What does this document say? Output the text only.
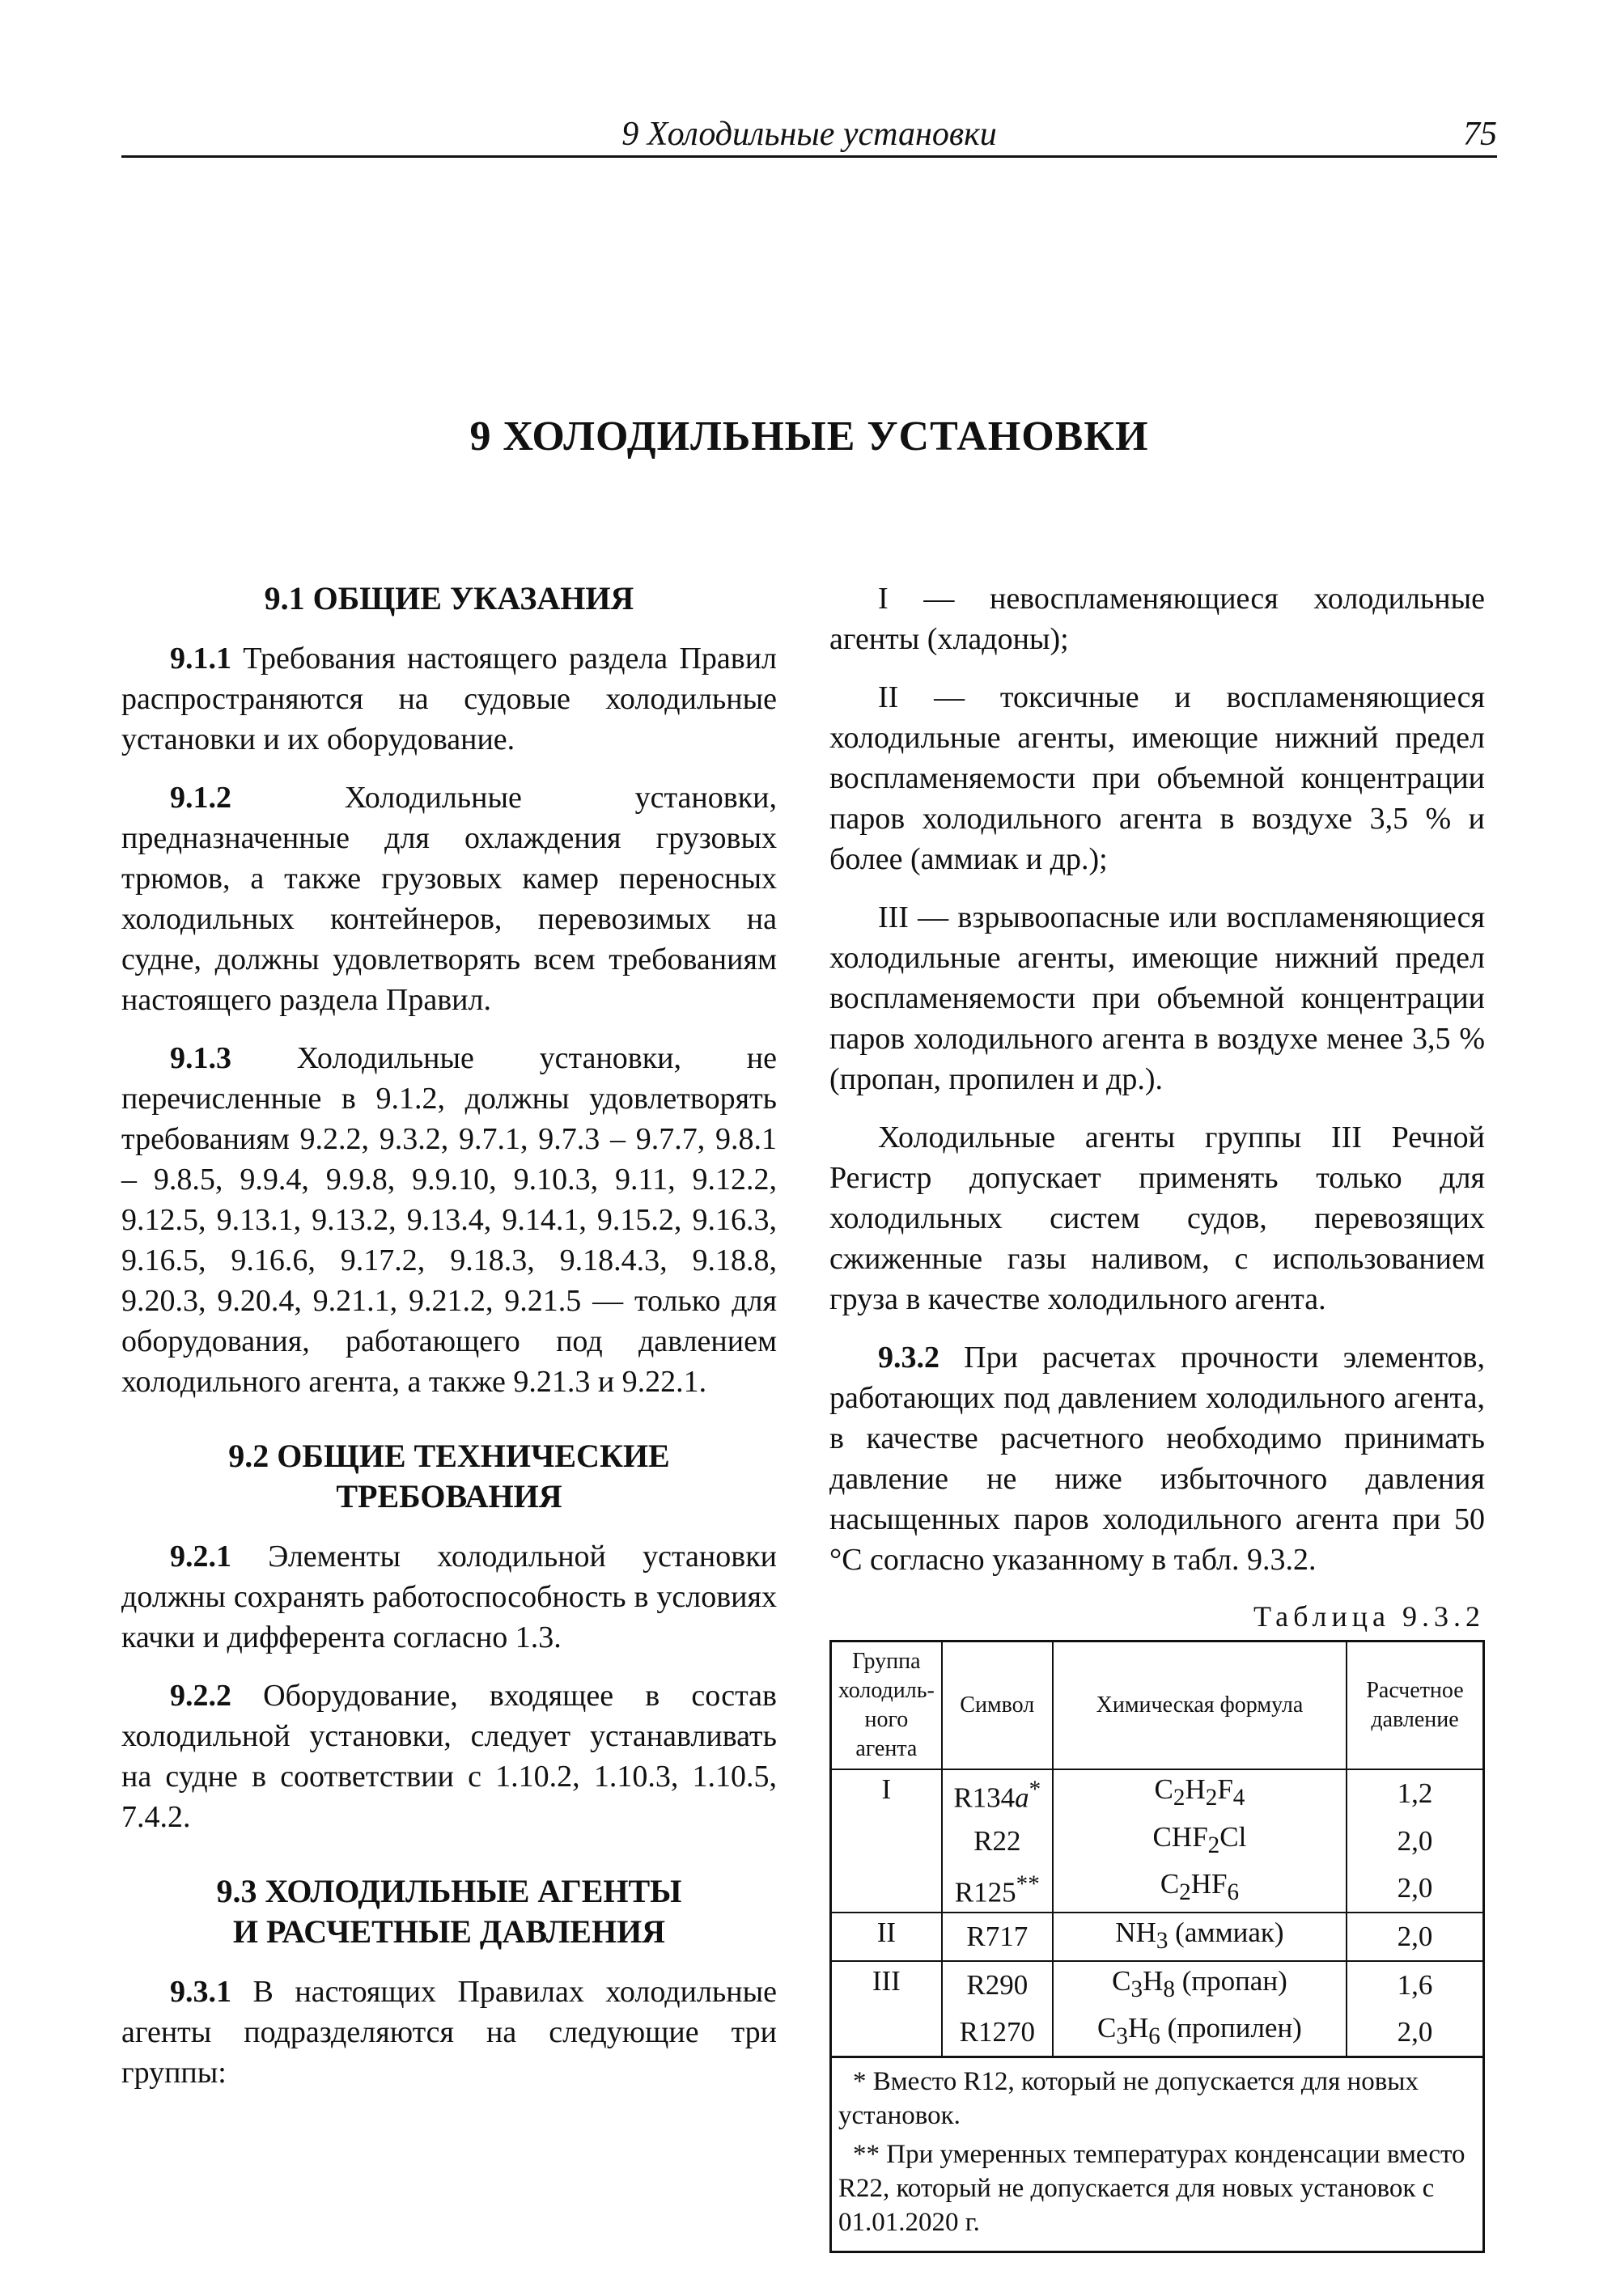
9 Холодильные установки	75
9 ХОЛОДИЛЬНЫЕ УСТАНОВКИ
9.1 ОБЩИЕ УКАЗАНИЯ

9.1.1 Требования настоящего раздела Правил распространяются на судовые холодильные установки и их оборудование.

9.1.2 Холодильные установки, предназначенные для охлаждения грузовых трюмов, а также грузовых камер переносных холодильных контейнеров, перевозимых на судне, должны удовлетворять всем требованиям настоящего раздела Правил.

9.1.3 Холодильные установки, не перечисленные в 9.1.2, должны удовлетворять требованиям 9.2.2, 9.3.2, 9.7.1, 9.7.3 – 9.7.7, 9.8.1 – 9.8.5, 9.9.4, 9.9.8, 9.9.10, 9.10.3, 9.11, 9.12.2, 9.12.5, 9.13.1, 9.13.2, 9.13.4, 9.14.1, 9.15.2, 9.16.3, 9.16.5, 9.16.6, 9.17.2, 9.18.3, 9.18.4.3, 9.18.8, 9.20.3, 9.20.4, 9.21.1, 9.21.2, 9.21.5 — только для оборудования, работающего под давлением холодильного агента, а также 9.21.3 и 9.22.1.

9.2 ОБЩИЕ ТЕХНИЧЕСКИЕ
ТРЕБОВАНИЯ

9.2.1 Элементы холодильной установки должны сохранять работоспособность в условиях качки и дифферента согласно 1.3.

9.2.2 Оборудование, входящее в состав холодильной установки, следует устанавливать на судне в соответствии с 1.10.2, 1.10.3, 1.10.5, 7.4.2.

9.3 ХОЛОДИЛЬНЫЕ АГЕНТЫ
И РАСЧЕТНЫЕ ДАВЛЕНИЯ

9.3.1 В настоящих Правилах холодильные агенты подразделяются на следующие три группы:

I — невоспламеняющиеся холодильные агенты (хладоны);

II — токсичные и воспламеняющиеся холодильные агенты, имеющие нижний предел воспламеняемости при объемной концентрации паров холодильного агента в воздухе 3,5 % и более (аммиак и др.);

III — взрывоопасные или воспламеняющиеся холодильные агенты, имеющие нижний предел воспламеняемости при объемной концентрации паров холодильного агента в воздухе менее 3,5 % (пропан, пропилен и др.).

Холодильные агенты группы III Речной Регистр допускает применять только для холодильных систем судов, перевозящих сжиженные газы наливом, с использованием груза в качестве холодильного агента.

9.3.2 При расчетах прочности элементов, работающих под давлением холодильного агента, в качестве расчетного необходимо принимать давление не ниже избыточного давления насыщенных паров холодильного агента при 50 °С согласно указанному в табл. 9.3.2.

Таблица 9.3.2
Группа холодиль- ного агента	Символ	Химическая формула	Расчетное давление
I	R134a*	$C_2H_2F_4$	1,2
	R22	$CHF_2Cl$	2,0
	R125**	$C_2HF_6$	2,0
II	R717	$NH_3$ (аммиак)	2,0
III	R290	$C_3H_8$ (пропан)	1,6
	R1270	$C_3H_6$ (пропилен)	2,0

* Вместо R12, который не допускается для новых установок.
** При умеренных температурах конденсации вместо R22, который не допускается для новых установок с 01.01.2020 г.			
